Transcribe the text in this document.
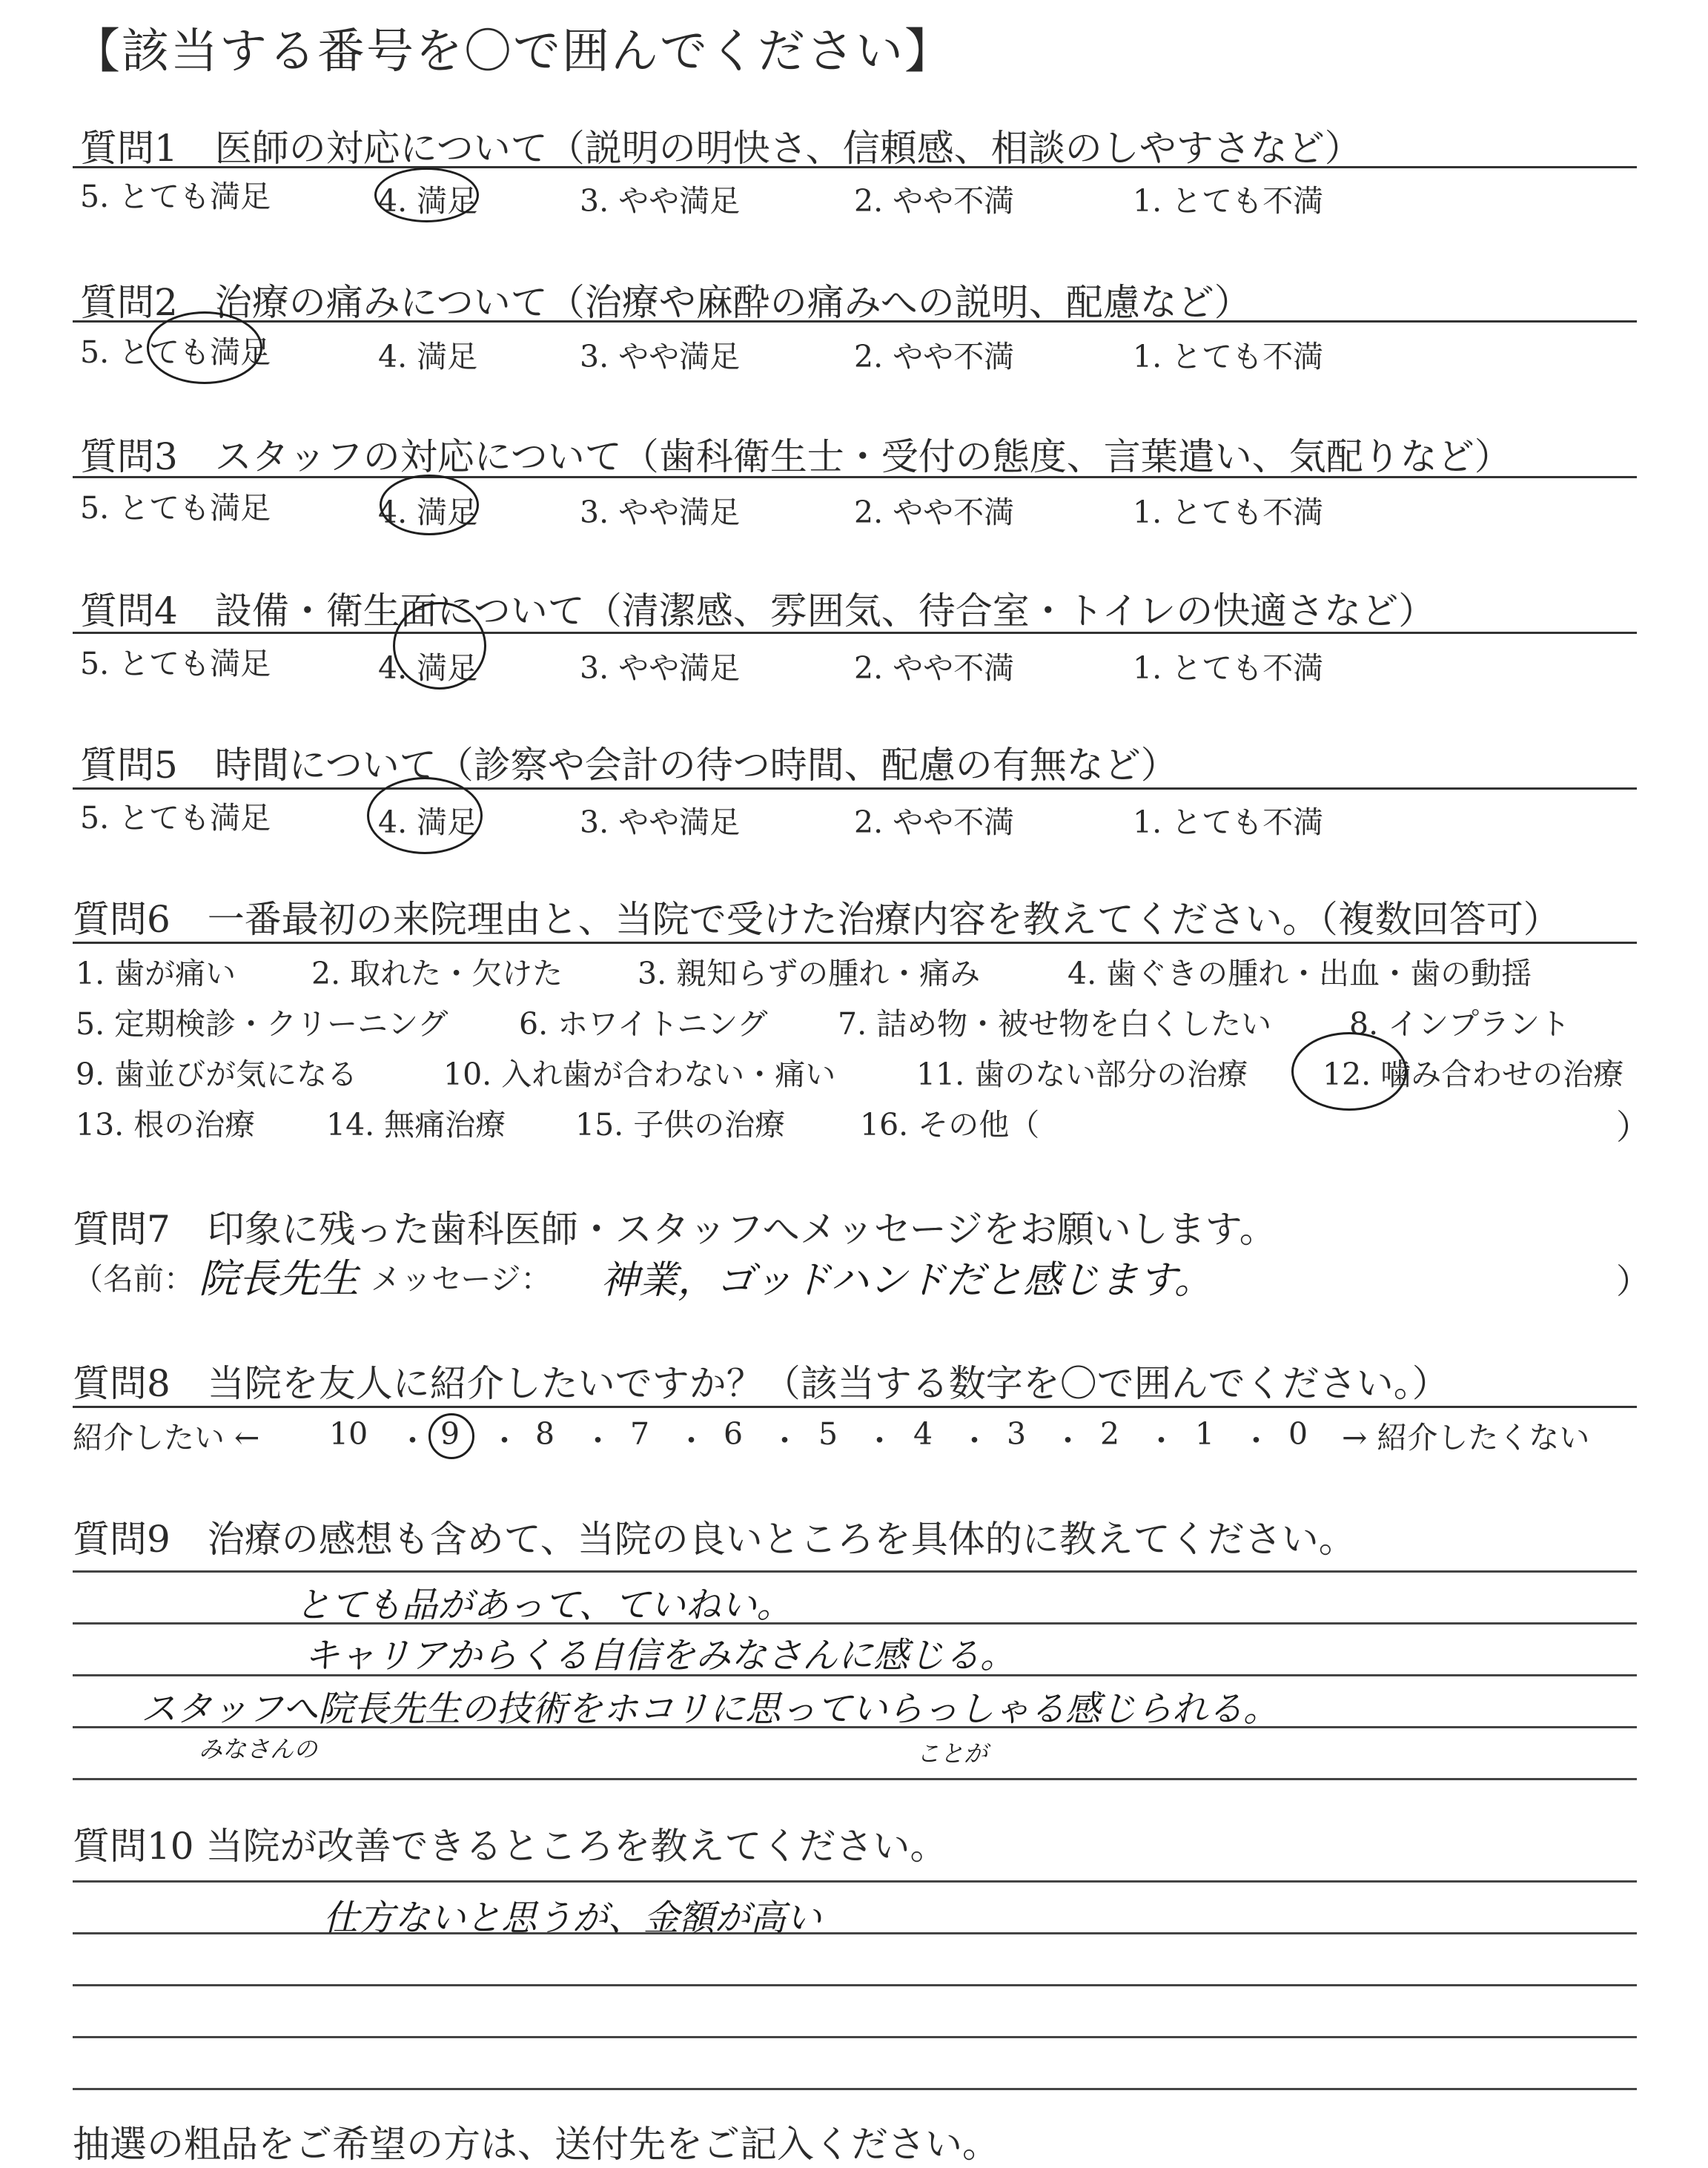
【該当する番号を〇で囲んでください】
質問1　医師の対応について（説明の明快さ、信頼感、相談のしやすさなど）
5. とても満足	4. 満足	3. やや満足	2. やや不満	1. とても不満
質問2　治療の痛みについて（治療や麻酔の痛みへの説明、配慮など）
5. とても満足	4. 満足	3. やや満足	2. やや不満	1. とても不満
質問3　スタッフの対応について（歯科衛生士・受付の態度、言葉遣い、気配りなど）
5. とても満足	4. 満足	3. やや満足	2. やや不満	1. とても不満
質問4　設備・衛生面について（清潔感、雰囲気、待合室・トイレの快適さなど）
5. とても満足	4. 満足	3. やや満足	2. やや不満	1. とても不満
質問5　時間について（診察や会計の待つ時間、配慮の有無など）
5. とても満足	4. 満足	3. やや満足	2. やや不満	1. とても不満
質問6　一番最初の来院理由と、当院で受けた治療内容を教えてください。（複数回答可）
1. 歯が痛い 2. 取れた・欠けた 3. 親知らずの腫れ・痛み	4. 歯ぐきの腫れ・出血・歯の動揺
5. 定期検診・クリーニング 6. ホワイトニング 7. 詰め物・被せ物を白くしたい	8. インプラント
9. 歯並びが気になる	10. 入れ歯が合わない・痛い	11. 歯のない部分の治療 12. 噛み合わせの治療
13. 根の治療 14. 無痛治療 15. 子供の治療 16. その他（	）
質問7　印象に残った歯科医師・スタッフへメッセージをお願いします。
（名前： 院長先生 メッセージ： 神業，ゴッドハンドだと感じます。	）
質問8　当院を友人に紹介したいですか？（該当する数字を〇で囲んでください。）
紹介したい ←	→ 紹介したくない
10 ・ 9 ・ 8 ・ 7 ・ 6 ・ 5 ・ 4 ・ 3 ・ 2 ・ 1 ・ 0
質問9　治療の感想も含めて、当院の良いところを具体的に教えてください。
とても品があって、ていねい。
キャリアからくる自信をみなさんに感じる。
スタッフへ院長先生の技術をホコリに思っていらっしゃる感じられる。
みなさんの	ことが
質問10 当院が改善できるところを教えてください。
仕方ないと思うが、金額が高い
抽選の粗品をご希望の方は、送付先をご記入ください。
